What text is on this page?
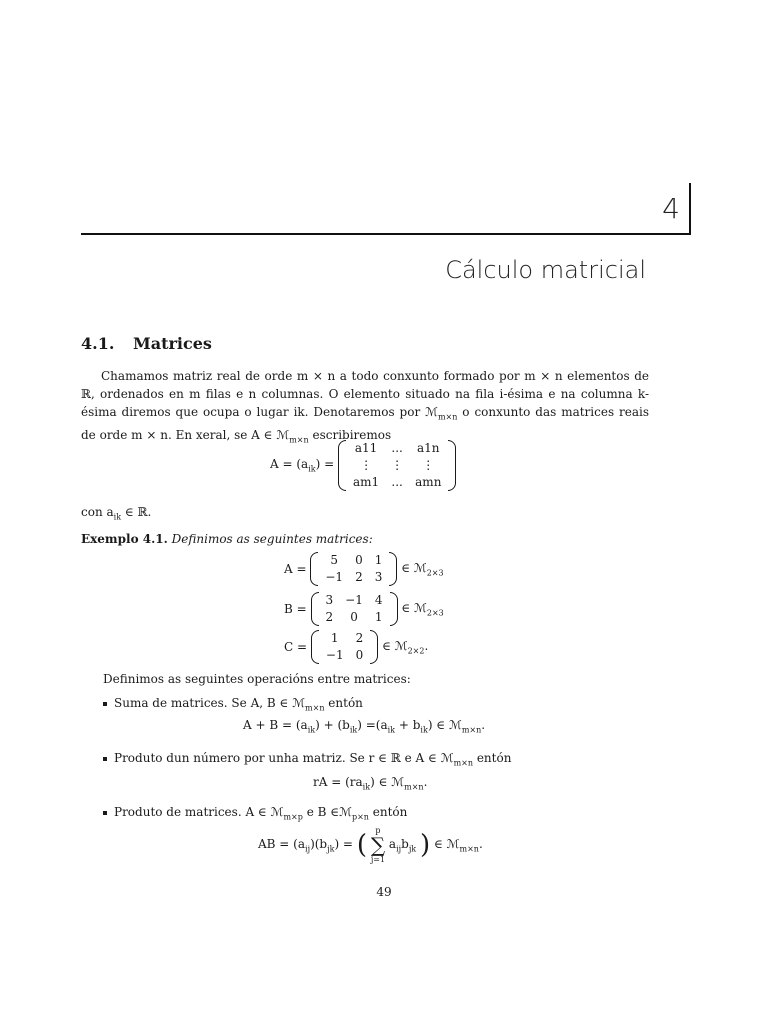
4
Cálculo matricial
4.1. Matrices
Chamamos matriz real de orde m × n a todo conxunto formado por m × n elementos de ℝ, ordenados en m filas e n columnas. O elemento situado na fila i-ésima e na columna k-ésima diremos que ocupa o lugar ik. Denotaremos por ℳ$_{m\times n}$ o conxunto das matrices reais de orde m × n. En xeral, se A ∈ ℳ$_{m\times n}$ escribiremos
$A = (a_{ik})$ =
a11	...	a1n
⋮	⋮	⋮
am1	...	amn
con $a_{ik}$ ∈ ℝ.
Exemplo 4.1. Definimos as seguintes matrices:
A =
5	0	1
−1	2	3
∈ ℳ$_{2\times 3}$
B =
3	−1	4
2	0	1
∈ ℳ$_{2\times 3}$
C =
1	2
−1	0
∈ ℳ$_{2\times 2}$.
Definimos as seguintes operacións entre matrices:
Suma de matrices. Se A, B ∈ ℳ$_{m\times n}$ entón
$A + B = (a_{ik}) + (b_{ik}) =(a_{ik} + b_{ik})$ ∈ ℳ$_{m\times n}$.
Produto dun número por unha matriz. Se r ∈ ℝ e A ∈ ℳ$_{m\times n}$ entón
rA = $(ra_{ik})$ ∈ ℳ$_{m\times n}$.
Produto de matrices. A ∈ ℳ$_{m\times p}$ e B ∈ℳ$_{p\times n}$ entón
AB = $(a_{ij})(b_{jk})$ = (	p
∑
j=1
$a_{ij}b_{jk}$ ) ∈ ℳ$_{m\times n}$.
49
